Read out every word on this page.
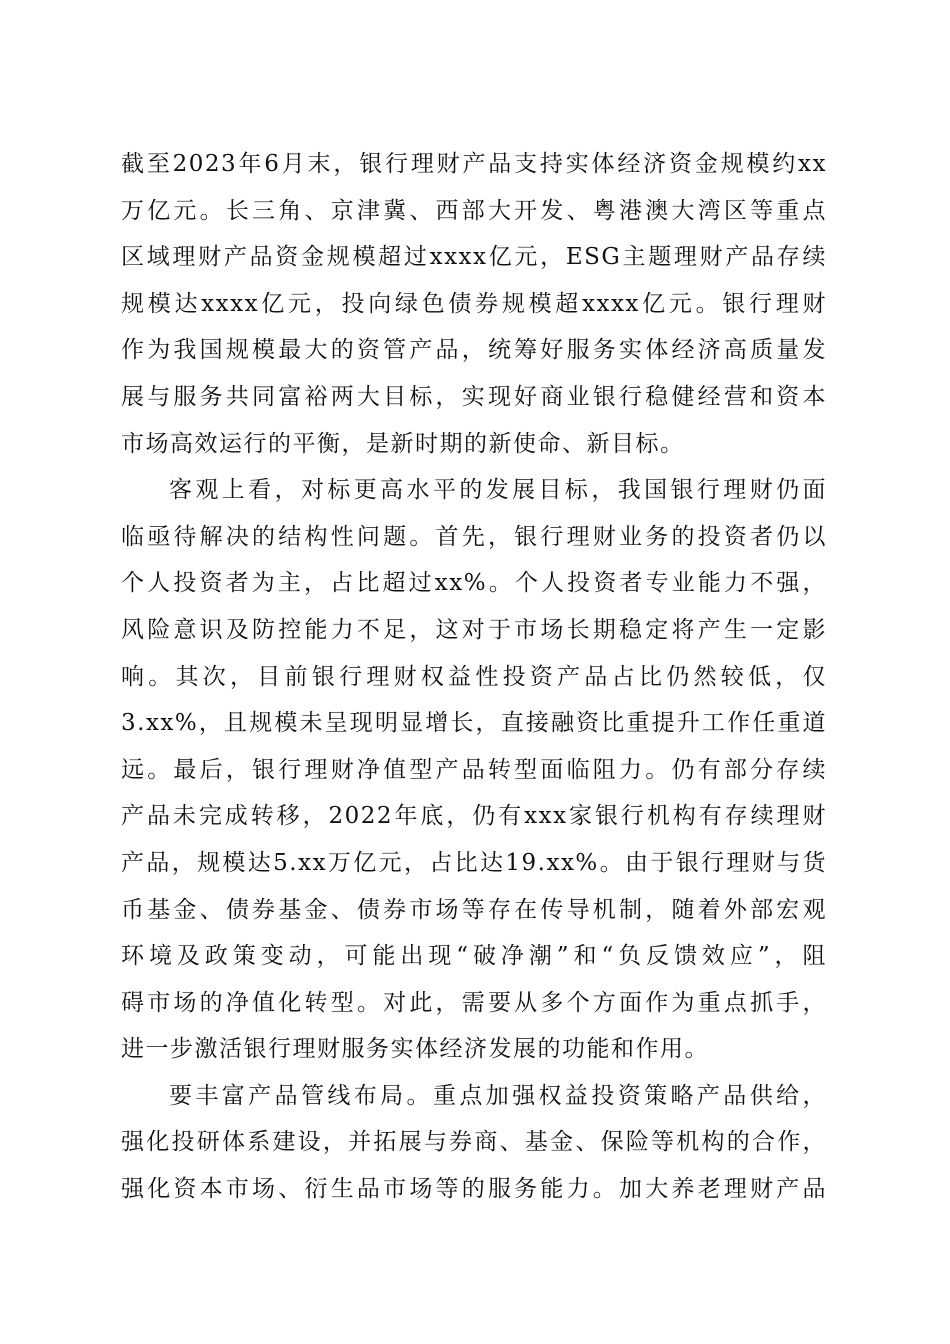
截至2023年6月末，银行理财产品支持实体经济资金规模约xx
万亿元。长三角、京津冀、西部大开发、粤港澳大湾区等重点
区域理财产品资金规模超过xxxx亿元，ESG主题理财产品存续
规模达xxxx亿元，投向绿色债券规模超xxxx亿元。银行理财
作为我国规模最大的资管产品，统筹好服务实体经济高质量发
展与服务共同富裕两大目标，实现好商业银行稳健经营和资本
市场高效运行的平衡，是新时期的新使命、新目标。
客观上看，对标更高水平的发展目标，我国银行理财仍面
临亟待解决的结构性问题。首先，银行理财业务的投资者仍以
个人投资者为主，占比超过xx%。个人投资者专业能力不强，
风险意识及防控能力不足，这对于市场长期稳定将产生一定影
响。其次，目前银行理财权益性投资产品占比仍然较低，仅
3.xx%，且规模未呈现明显增长，直接融资比重提升工作任重道
远。最后，银行理财净值型产品转型面临阻力。仍有部分存续
产品未完成转移，2022年底，仍有xxx家银行机构有存续理财
产品，规模达5.xx万亿元，占比达19.xx%。由于银行理财与货
币基金、债券基金、债券市场等存在传导机制，随着外部宏观
环境及政策变动，可能出现“破净潮”和“负反馈效应”，阻
碍市场的净值化转型。对此，需要从多个方面作为重点抓手，
进一步激活银行理财服务实体经济发展的功能和作用。
要丰富产品管线布局。重点加强权益投资策略产品供给，
强化投研体系建设，并拓展与券商、基金、保险等机构的合作，
强化资本市场、衍生品市场等的服务能力。加大养老理财产品
